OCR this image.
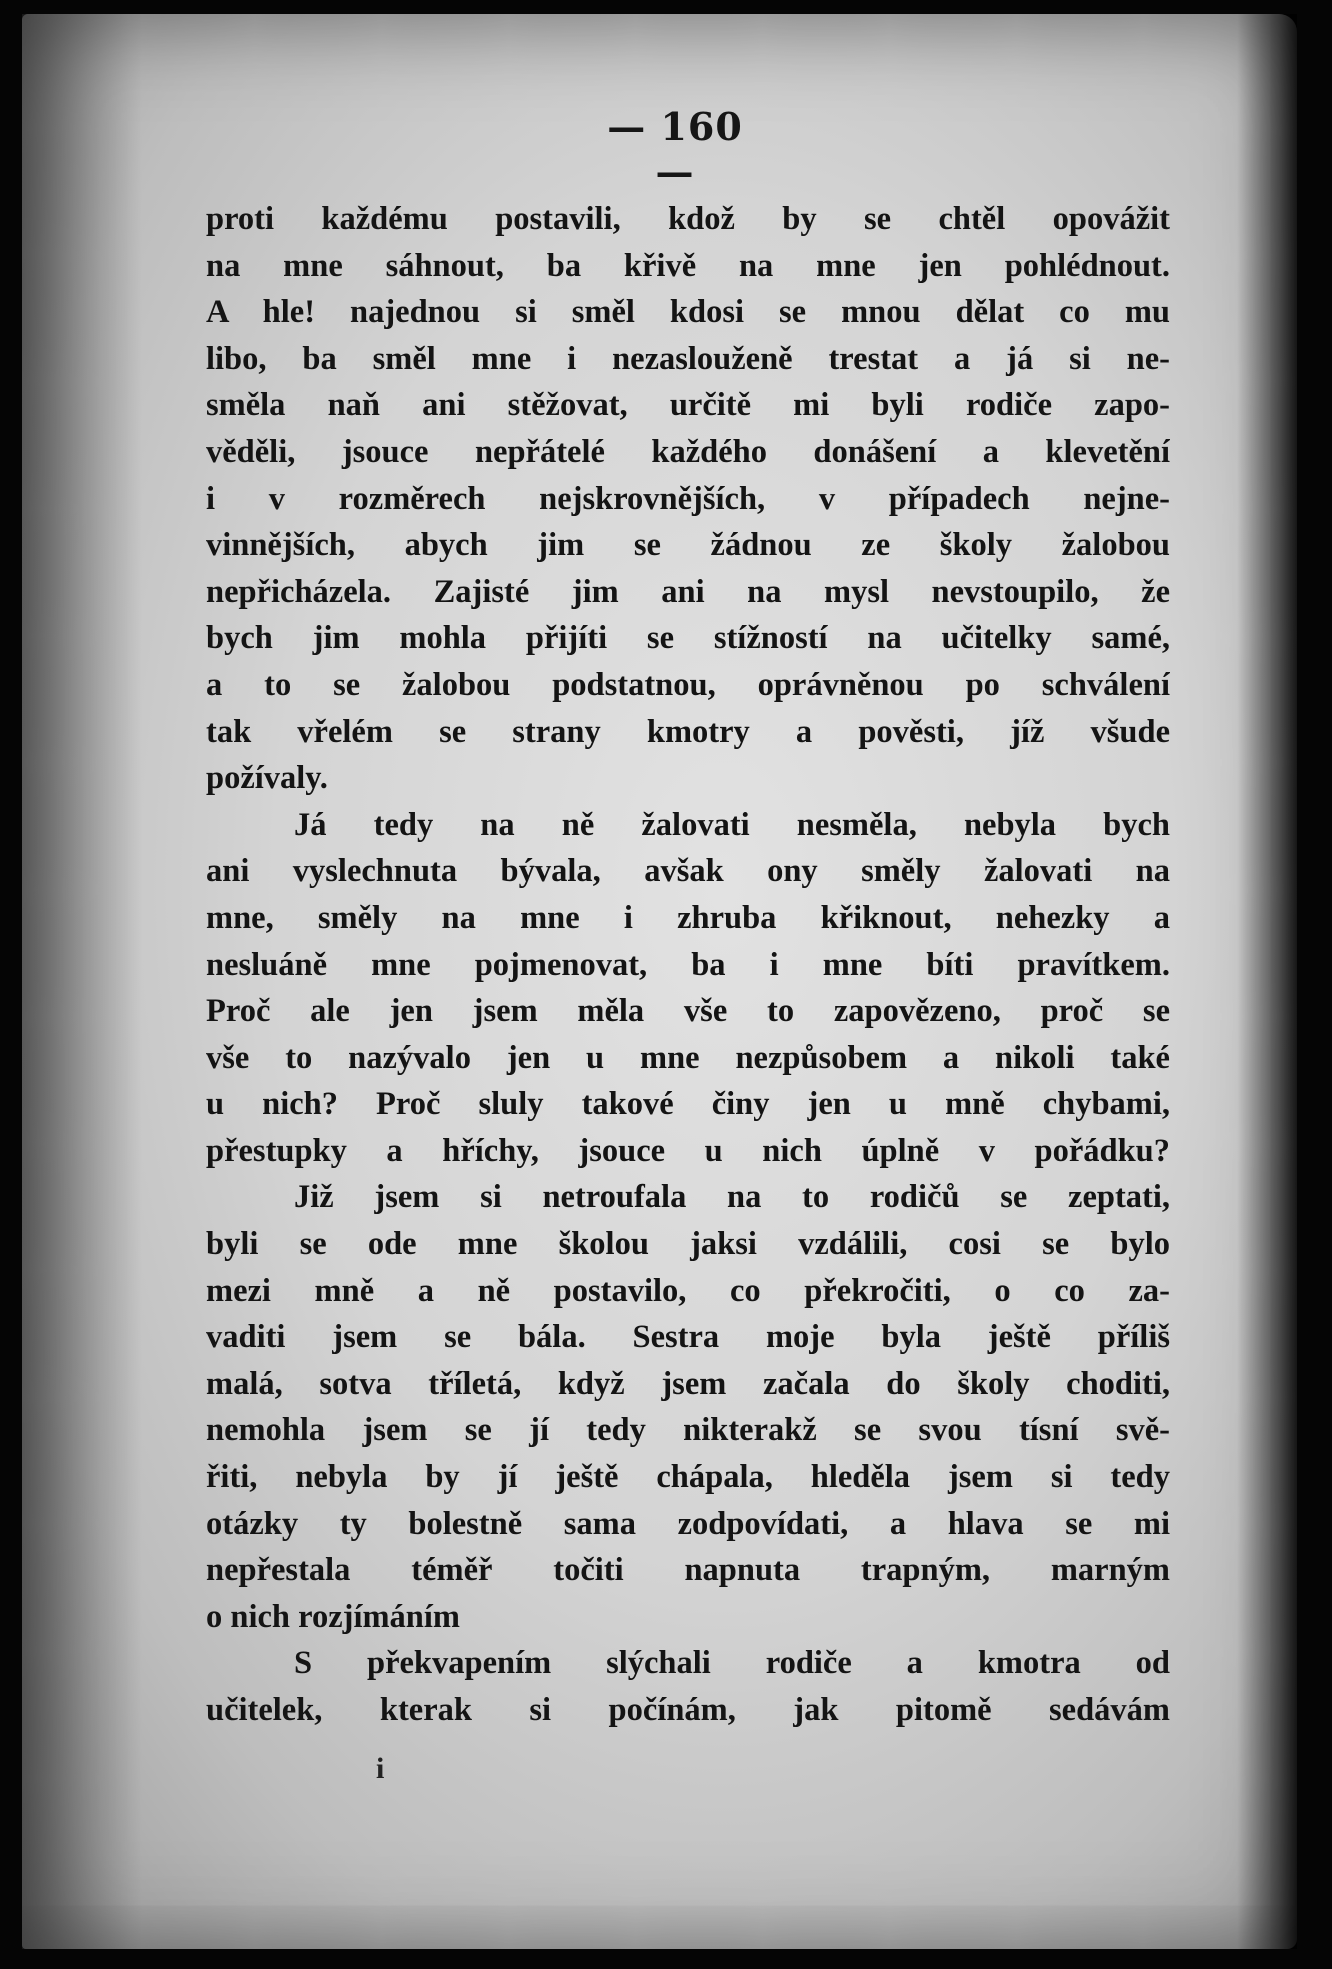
— 160 —
proti každému postavili, kdož by se chtěl opovážit
na mne sáhnout, ba křivě na mne jen pohlédnout.
A hle! najednou si směl kdosi se mnou dělat co mu
libo, ba směl mne i nezaslouženě trestat a já si ne-
směla naň ani stěžovat, určitě mi byli rodiče zapo-
věděli, jsouce nepřátelé každého donášení a klevetění
i v rozměrech nejskrovnějších, v případech nejne-
vinnějších, abych jim se žádnou ze školy žalobou
nepřicházela. Zajisté jim ani na mysl nevstoupilo, že
bych jim mohla přijíti se stížností na učitelky samé,
a to se žalobou podstatnou, oprávněnou po schválení
tak vřelém se strany kmotry a pověsti, jíž všude
požívaly.
Já tedy na ně žalovati nesměla, nebyla bych
ani vyslechnuta bývala, avšak ony směly žalovati na
mne, směly na mne i zhruba křiknout, nehezky a
nesluáně mne pojmenovat, ba i mne bíti pravítkem.
Proč ale jen jsem měla vše to zapovězeno, proč se
vše to nazývalo jen u mne nezpůsobem a nikoli také
u nich? Proč sluly takové činy jen u mně chybami,
přestupky a hříchy, jsouce u nich úplně v pořádku?
Již jsem si netroufala na to rodičů se zeptati,
byli se ode mne školou jaksi vzdálili, cosi se bylo
mezi mně a ně postavilo, co překročiti, o co za-
vaditi jsem se bála. Sestra moje byla ještě příliš
malá, sotva tříletá, když jsem začala do školy choditi,
nemohla jsem se jí tedy nikterakž se svou tísní svě-
řiti, nebyla by jí ještě chápala, hleděla jsem si tedy
otázky ty bolestně sama zodpovídati, a hlava se mi
nepřestala téměř točiti napnuta trapným, marným
o nich rozjímáním
S překvapením slýchali rodiče a kmotra od
učitelek, kterak si počínám, jak pitomě sedávám
i
